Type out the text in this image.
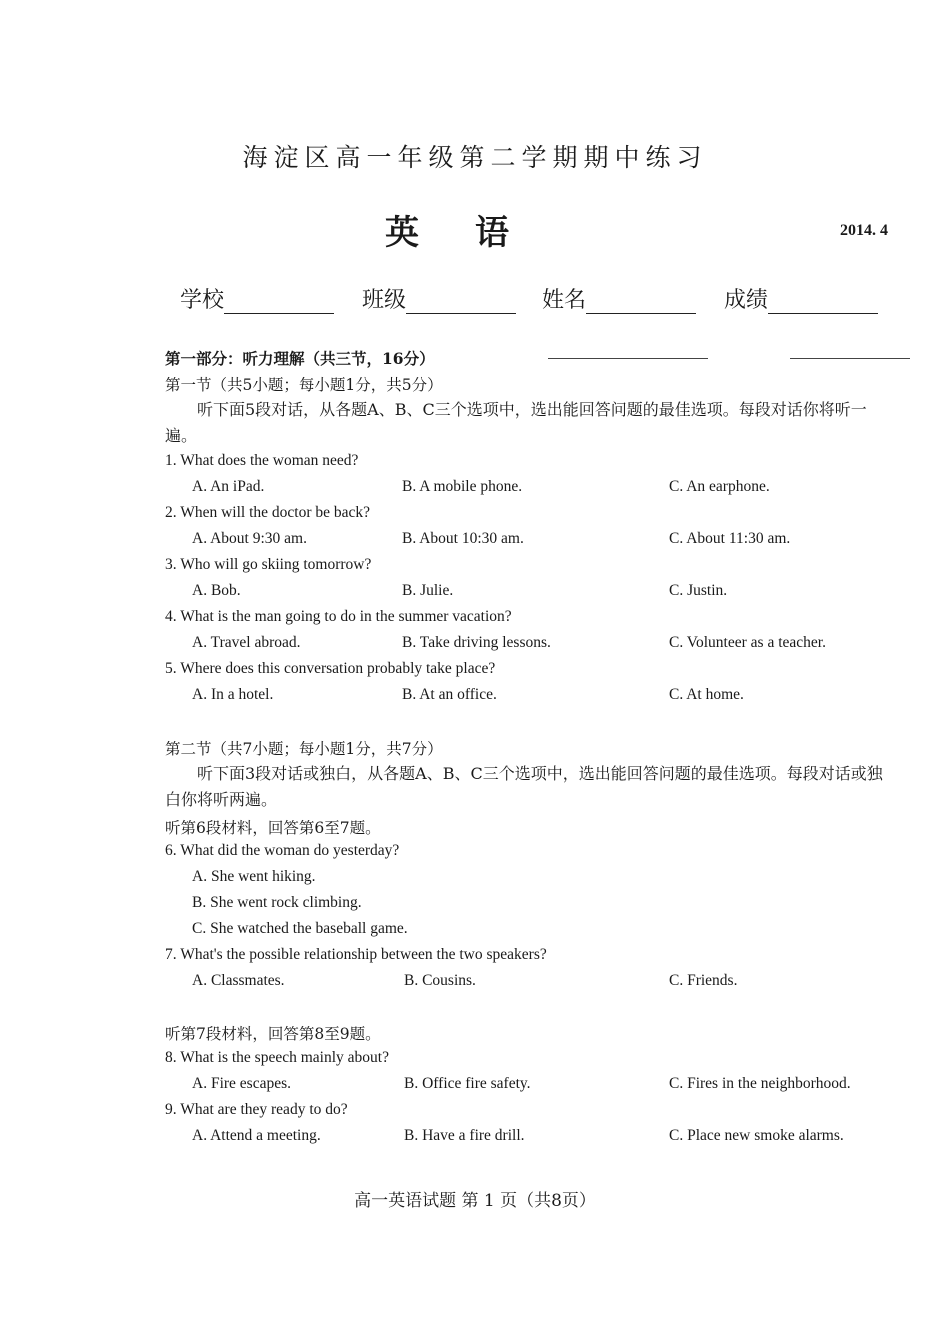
海淀区高一年级第二学期期中练习
英语	2014. 4
学校	班级	姓名	成绩
第一部分：听力理解（共三节，16分）
第一节（共5小题；每小题1分，共5分）
听下面5段对话，从各题A、B、C三个选项中，选出能回答问题的最佳选项。每段对话你将听一遍。
1. What does the woman need?
A. An iPad.	B. A mobile phone.	C. An earphone.
2. When will the doctor be back?
A. About 9:30 am.	B. About 10:30 am.	C. About 11:30 am.
3. Who will go skiing tomorrow?
A. Bob.	B. Julie.	C. Justin.
4. What is the man going to do in the summer vacation?
A. Travel abroad.	B. Take driving lessons.	C. Volunteer as a teacher.
5. Where does this conversation probably take place?
A. In a hotel.	B. At an office.	C. At home.
第二节（共7小题；每小题1分，共7分）
听下面3段对话或独白，从各题A、B、C三个选项中，选出能回答问题的最佳选项。每段对话或独白你将听两遍。
听第6段材料，回答第6至7题。
6. What did the woman do yesterday?
A. She went hiking.
B. She went rock climbing.
C. She watched the baseball game.
7. What's the possible relationship between the two speakers?
A. Classmates.	B. Cousins.	C. Friends.
听第7段材料，回答第8至9题。
8. What is the speech mainly about?
A. Fire escapes.	B. Office fire safety.	C. Fires in the neighborhood.
9. What are they ready to do?
A. Attend a meeting.	B. Have a fire drill.	C. Place new smoke alarms.
高一英语试题 第 1 页（共8页）
